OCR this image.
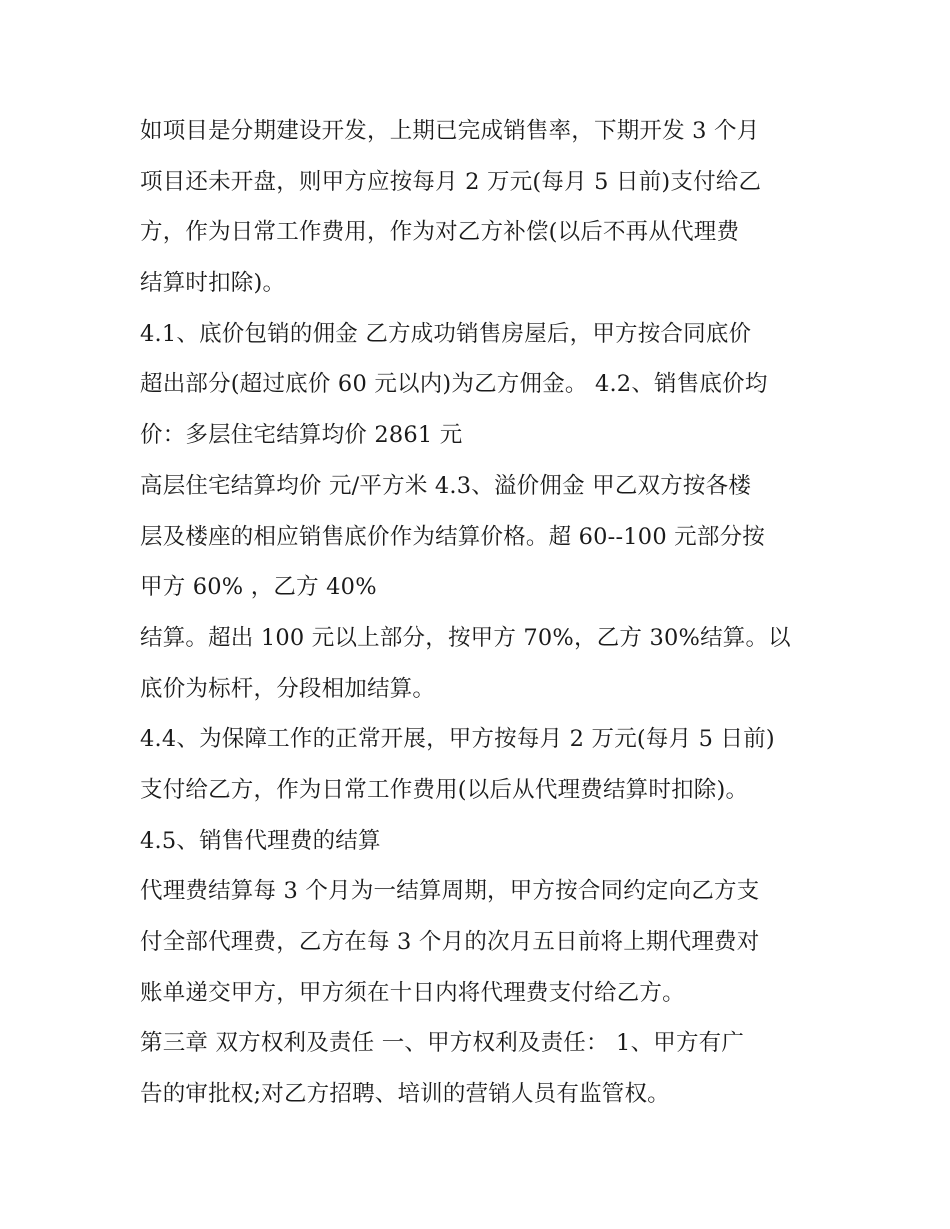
如项目是分期建设开发，上期已完成销售率，下期开发 3 个月
项目还未开盘，则甲方应按每月 2 万元(每月 5 日前)支付给乙
方，作为日常工作费用，作为对乙方补偿(以后不再从代理费
结算时扣除)。
4.1、底价包销的佣金 乙方成功销售房屋后，甲方按合同底价
超出部分(超过底价 60 元以内)为乙方佣金。 4.2、销售底价均
价：多层住宅结算均价 2861 元
高层住宅结算均价 元/平方米 4.3、溢价佣金 甲乙双方按各楼
层及楼座的相应销售底价作为结算价格。超 60--100 元部分按
甲方 60% ，乙方 40%
结算。超出 100 元以上部分，按甲方 70%，乙方 30%结算。以
底价为标杆，分段相加结算。
4.4、为保障工作的正常开展，甲方按每月 2 万元(每月 5 日前)
支付给乙方，作为日常工作费用(以后从代理费结算时扣除)。
4.5、销售代理费的结算
代理费结算每 3 个月为一结算周期，甲方按合同约定向乙方支
付全部代理费，乙方在每 3 个月的次月五日前将上期代理费对
账单递交甲方，甲方须在十日内将代理费支付给乙方。
第三章 双方权利及责任 一、甲方权利及责任： 1、甲方有广
告的审批权;对乙方招聘、培训的营销人员有监管权。
